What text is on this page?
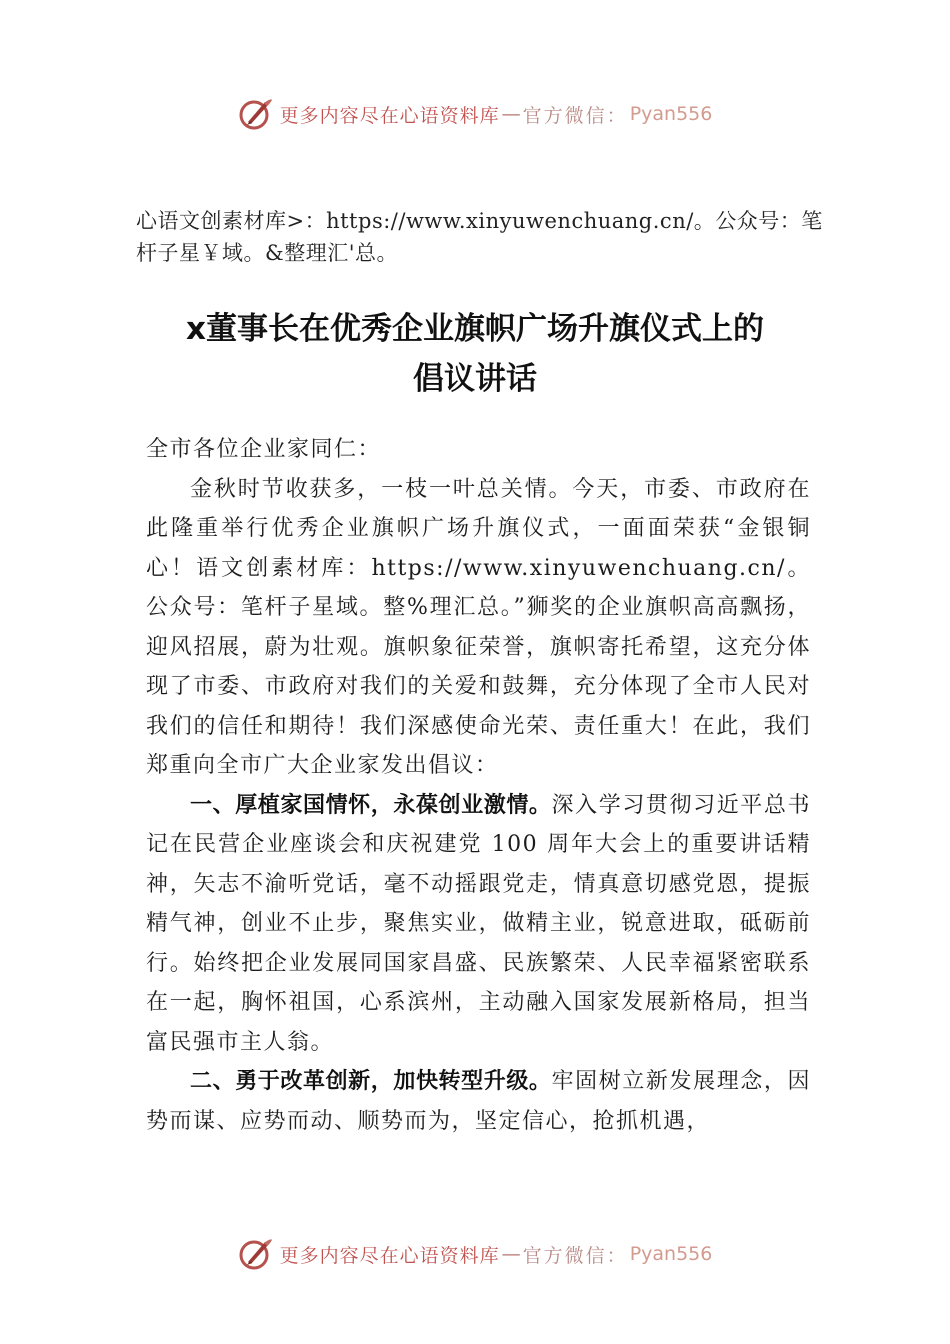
更多内容尽在心语资料库 — 官方微信： Pyan556
心语文创素材库>：https://www.xinyuwenchuang.cn/。公众号：笔杆子星￥域。&整理汇'总。
x董事长在优秀企业旗帜广场升旗仪式上的
倡议讲话

全市各位企业家同仁：

金秋时节收获多，一枝一叶总关情。今天，市委、市政府在此隆重举行优秀企业旗帜广场升旗仪式，一面面荣获“金银铜心！语文创素材库：https://www.xinyuwenchuang.cn/。公众号：笔杆子星域。整%理汇总。”狮奖的企业旗帜高高飘扬，迎风招展，蔚为壮观。旗帜象征荣誉，旗帜寄托希望，这充分体现了市委、市政府对我们的关爱和鼓舞，充分体现了全市人民对我们的信任和期待！我们深感使命光荣、责任重大！在此，我们郑重向全市广大企业家发出倡议：

一、厚植家国情怀，永葆创业激情。深入学习贯彻习近平总书记在民营企业座谈会和庆祝建党 100 周年大会上的重要讲话精神，矢志不渝听党话，毫不动摇跟党走，情真意切感党恩，提振精气神，创业不止步，聚焦实业，做精主业，锐意进取，砥砺前行。始终把企业发展同国家昌盛、民族繁荣、人民幸福紧密联系在一起，胸怀祖国，心系滨州，主动融入国家发展新格局，担当富民强市主人翁。

二、勇于改革创新，加快转型升级。牢固树立新发展理念，因势而谋、应势而动、顺势而为，坚定信心，抢抓机遇，

更多内容尽在心语资料库 — 官方微信： Pyan556
